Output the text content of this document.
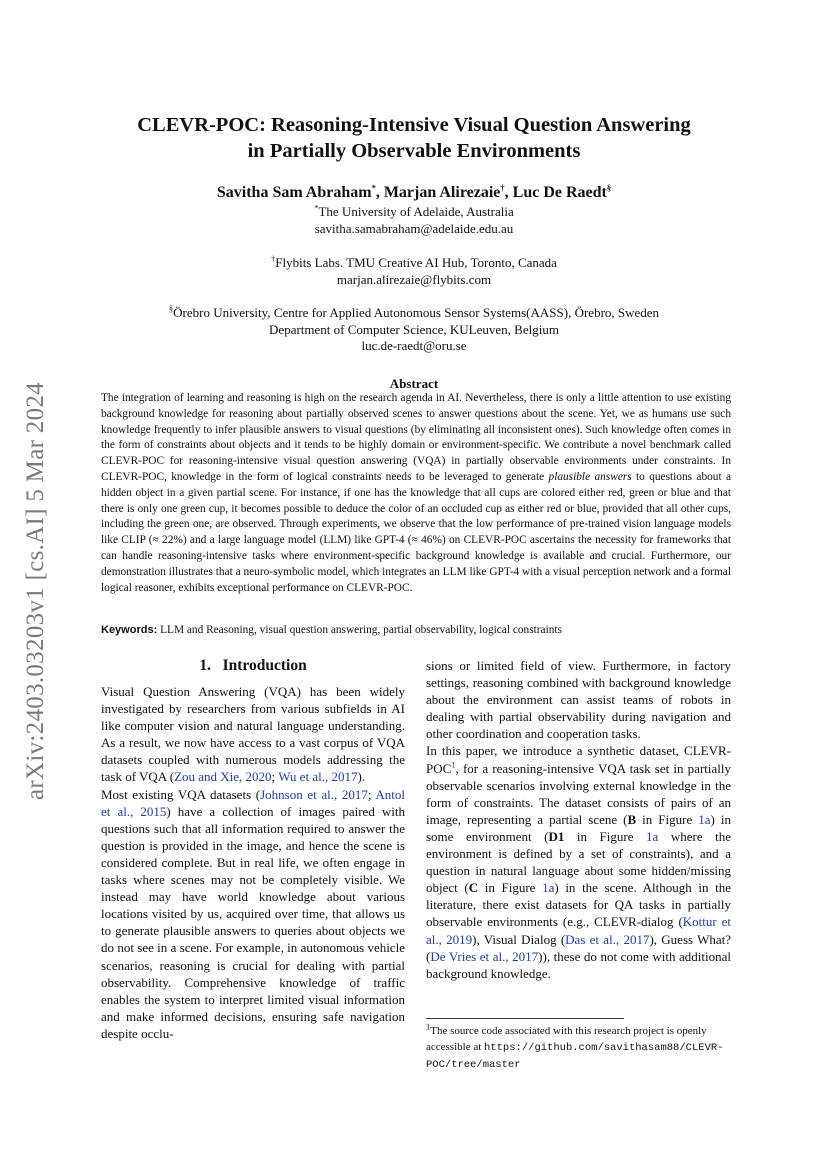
arXiv:2403.03203v1 [cs.AI] 5 Mar 2024
CLEVR-POC: Reasoning-Intensive Visual Question Answering
in Partially Observable Environments
Savitha Sam Abraham*, Marjan Alirezaie†, Luc De Raedt§
*The University of Adelaide, Australia
savitha.samabraham@adelaide.edu.au
†Flybits Labs. TMU Creative AI Hub, Toronto, Canada
marjan.alirezaie@flybits.com
§Örebro University, Centre for Applied Autonomous Sensor Systems(AASS), Örebro, Sweden
Department of Computer Science, KULeuven, Belgium
luc.de-raedt@oru.se
Abstract
The integration of learning and reasoning is high on the research agenda in AI. Nevertheless, there is only a little attention to use existing background knowledge for reasoning about partially observed scenes to answer questions about the scene. Yet, we as humans use such knowledge frequently to infer plausible answers to visual questions (by eliminating all inconsistent ones). Such knowledge often comes in the form of constraints about objects and it tends to be highly domain or environment-specific. We contribute a novel benchmark called CLEVR-POC for reasoning-intensive visual question answering (VQA) in partially observable environments under constraints. In CLEVR-POC, knowledge in the form of logical constraints needs to be leveraged to generate plausible answers to questions about a hidden object in a given partial scene. For instance, if one has the knowledge that all cups are colored either red, green or blue and that there is only one green cup, it becomes possible to deduce the color of an occluded cup as either red or blue, provided that all other cups, including the green one, are observed. Through experiments, we observe that the low performance of pre-trained vision language models like CLIP (≈ 22%) and a large language model (LLM) like GPT-4 (≈ 46%) on CLEVR-POC ascertains the necessity for frameworks that can handle reasoning-intensive tasks where environment-specific background knowledge is available and crucial. Furthermore, our demonstration illustrates that a neuro-symbolic model, which integrates an LLM like GPT-4 with a visual perception network and a formal logical reasoner, exhibits exceptional performance on CLEVR-POC.
Keywords: LLM and Reasoning, visual question answering, partial observability, logical constraints
1. Introduction

Visual Question Answering (VQA) has been widely investigated by researchers from various subfields in AI like computer vision and natural language understanding. As a result, we now have access to a vast corpus of VQA datasets coupled with numerous models addressing the task of VQA (Zou and Xie, 2020; Wu et al., 2017).

Most existing VQA datasets (Johnson et al., 2017; Antol et al., 2015) have a collection of images paired with questions such that all information required to answer the question is provided in the image, and hence the scene is considered complete. But in real life, we often engage in tasks where scenes may not be completely visible. We instead may have world knowledge about various locations visited by us, acquired over time, that allows us to generate plausible answers to queries about objects we do not see in a scene. For example, in autonomous vehicle scenarios, reasoning is crucial for dealing with partial observability. Comprehensive knowledge of traffic enables the system to interpret limited visual information and make informed decisions, ensuring safe navigation despite occlu-

sions or limited field of view. Furthermore, in factory settings, reasoning combined with background knowledge about the environment can assist teams of robots in dealing with partial observability during navigation and other coordination and cooperation tasks.

In this paper, we introduce a synthetic dataset, CLEVR-POC$^1$, for a reasoning-intensive VQA task set in partially observable scenarios involving external knowledge in the form of constraints. The dataset consists of pairs of an image, representing a partial scene (B in Figure 1a) in some environment (D1 in Figure 1a where the environment is defined by a set of constraints), and a question in natural language about some hidden/missing object (C in Figure 1a) in the scene. Although in the literature, there exist datasets for QA tasks in partially observable environments (e.g., CLEVR-dialog (Kottur et al., 2019), Visual Dialog (Das et al., 2017), Guess What? (De Vries et al., 2017)), these do not come with additional background knowledge.

$^1$The source code associated with this research project is openly accessible at https://github.com/savithasam88/CLEVR-POC/tree/master
